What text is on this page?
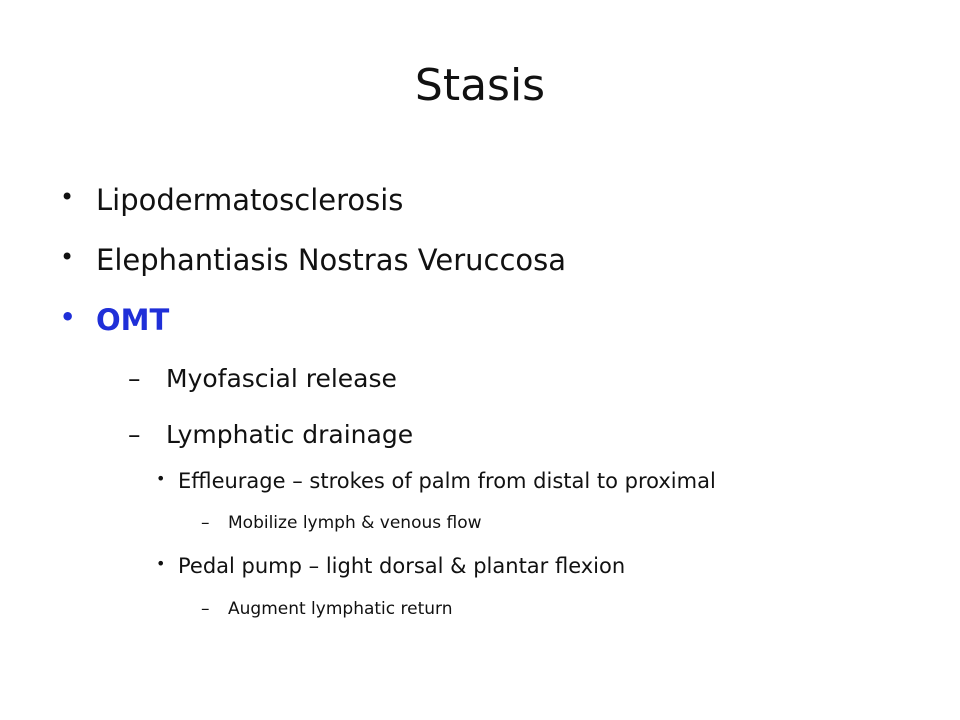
Stasis
• Lipodermatosclerosis
• Elephantiasis Nostras Veruccosa
• OMT
– Myofascial release
– Lymphatic drainage
• Effleurage – strokes of palm from distal to proximal
– Mobilize lymph & venous flow
• Pedal pump – light dorsal & plantar flexion
– Augment lymphatic return
